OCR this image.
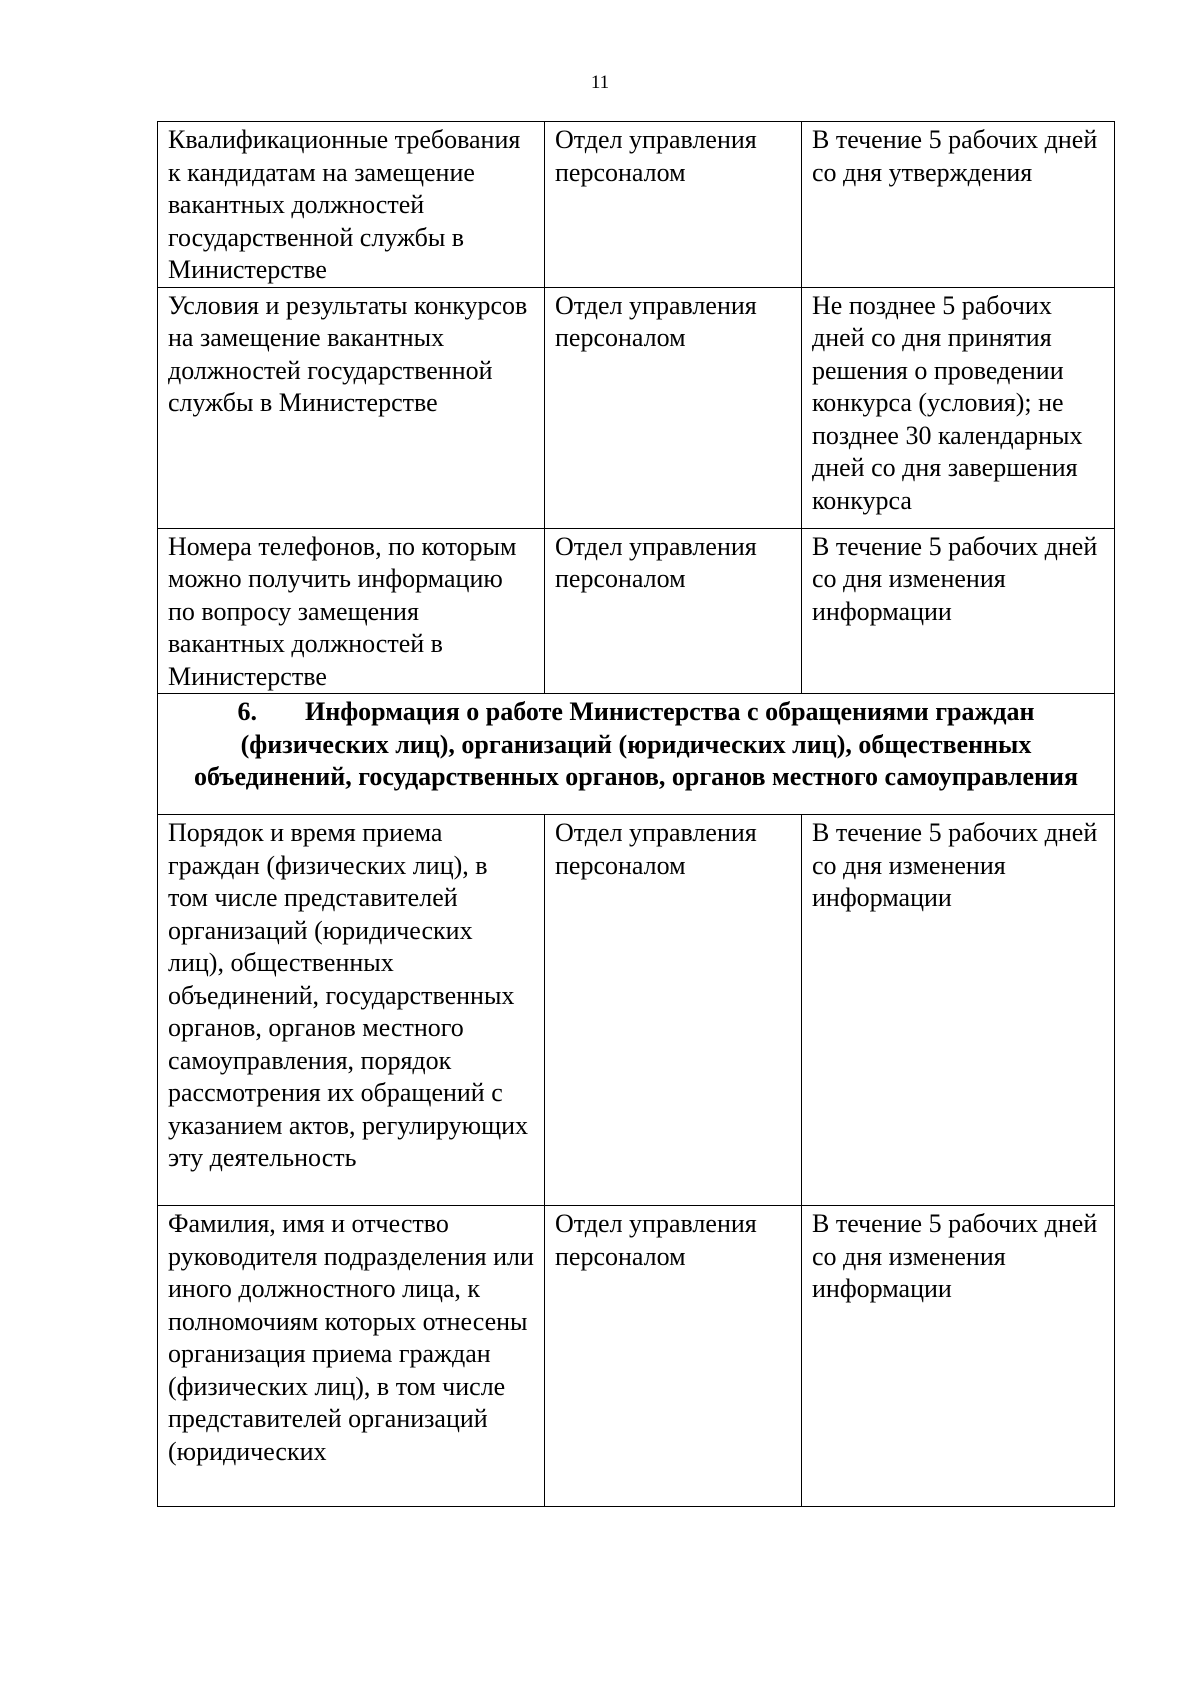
11
Квалификационные требования к кандидатам на замещение вакантных должностей государственной службы в Министерстве	Отдел управления персоналом	В течение 5 рабочих дней со дня утверждения
Условия и результаты конкурсов на замещение вакантных должностей государственной службы в Министерстве	Отдел управления персоналом	Не позднее 5 рабочих дней со дня принятия решения о проведении конкурса (условия); не позднее 30 календарных дней со дня завершения конкурса
Номера телефонов, по которым можно получить информацию по вопросу замещения вакантных должностей в Министерстве	Отдел управления персоналом	В течение 5 рабочих дней со дня изменения информации
6. Информация о работе Министерства с обращениями граждан (физических лиц), организаций (юридических лиц), общественных объединений, государственных органов, органов местного самоуправления		
Порядок и время приема граждан (физических лиц), в том числе представителей организаций (юридических лиц), общественных объединений, государственных органов, органов местного самоуправления, порядок рассмотрения их обращений с указанием актов, регулирующих эту деятельность	Отдел управления персоналом	В течение 5 рабочих дней со дня изменения информации
Фамилия, имя и отчество руководителя подразделения или иного должностного лица, к полномочиям которых отнесены организация приема граждан (физических лиц), в том числе представителей организаций (юридических	Отдел управления персоналом	В течение 5 рабочих дней со дня изменения информации
